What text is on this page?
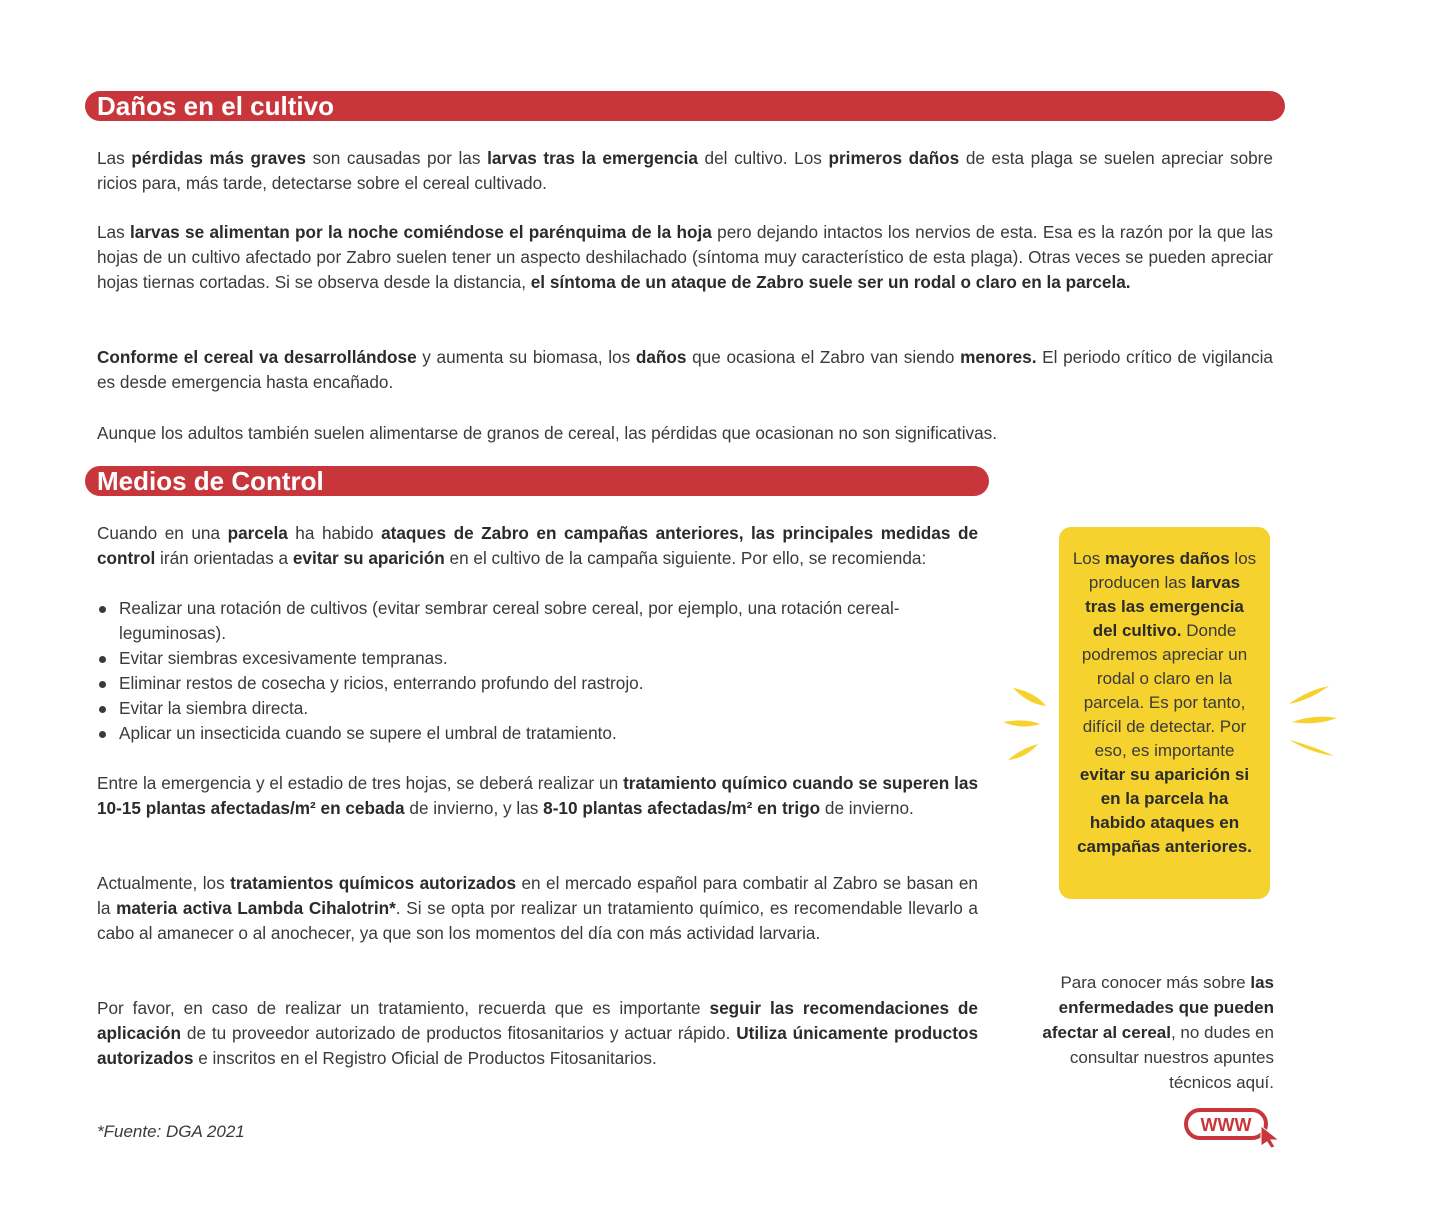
Daños en el cultivo

Las pérdidas más graves son causadas por las larvas tras la emergencia del cultivo. Los primeros daños de esta plaga se suelen apreciar sobre ricios para, más tarde, detectarse sobre el cereal cultivado.

Las larvas se alimentan por la noche comiéndose el parénquima de la hoja pero dejando intactos los nervios de esta. Esa es la razón por la que las hojas de un cultivo afectado por Zabro suelen tener un aspecto deshilachado (síntoma muy característico de esta plaga). Otras veces se pueden apreciar hojas tiernas cortadas. Si se observa desde la distancia, el síntoma de un ataque de Zabro suele ser un rodal o claro en la parcela.

Conforme el cereal va desarrollándose y aumenta su biomasa, los daños que ocasiona el Zabro van siendo menores. El periodo crítico de vigilancia es desde emergencia hasta encañado.

Aunque los adultos también suelen alimentarse de granos de cereal, las pérdidas que ocasionan no son significativas.

Medios de Control

Cuando en una parcela ha habido ataques de Zabro en campañas anteriores, las principales medidas de control irán orientadas a evitar su aparición en el cultivo de la campaña siguiente. Por ello, se recomienda:

Realizar una rotación de cultivos (evitar sembrar cereal sobre cereal, por ejemplo, una rotación cereal-leguminosas).
Evitar siembras excesivamente tempranas.
Eliminar restos de cosecha y ricios, enterrando profundo del rastrojo.
Evitar la siembra directa.
Aplicar un insecticida cuando se supere el umbral de tratamiento.

Entre la emergencia y el estadio de tres hojas, se deberá realizar un tratamiento químico cuando se superen las 10-15 plantas afectadas/m² en cebada de invierno, y las 8-10 plantas afectadas/m² en trigo de invierno.

Actualmente, los tratamientos químicos autorizados en el mercado español para combatir al Zabro se basan en la materia activa Lambda Cihalotrin*. Si se opta por realizar un tratamiento químico, es recomendable llevarlo a cabo al amanecer o al anochecer, ya que son los momentos del día con más actividad larvaria.

Por favor, en caso de realizar un tratamiento, recuerda que es importante seguir las recomendaciones de aplicación de tu proveedor autorizado de productos fitosanitarios y actuar rápido. Utiliza únicamente productos autorizados e inscritos en el Registro Oficial de Productos Fitosanitarios.

Los mayores daños los producen las larvas tras las emergencia del cultivo. Donde podremos apreciar un rodal o claro en la parcela. Es por tanto, difícil de detectar. Por eso, es importante evitar su aparición si en la parcela ha habido ataques en campañas anteriores.
Para conocer más sobre las enfermedades que pueden afectar al cereal, no dudes en consultar nuestros apuntes técnicos aquí.
WWW
*Fuente: DGA 2021
